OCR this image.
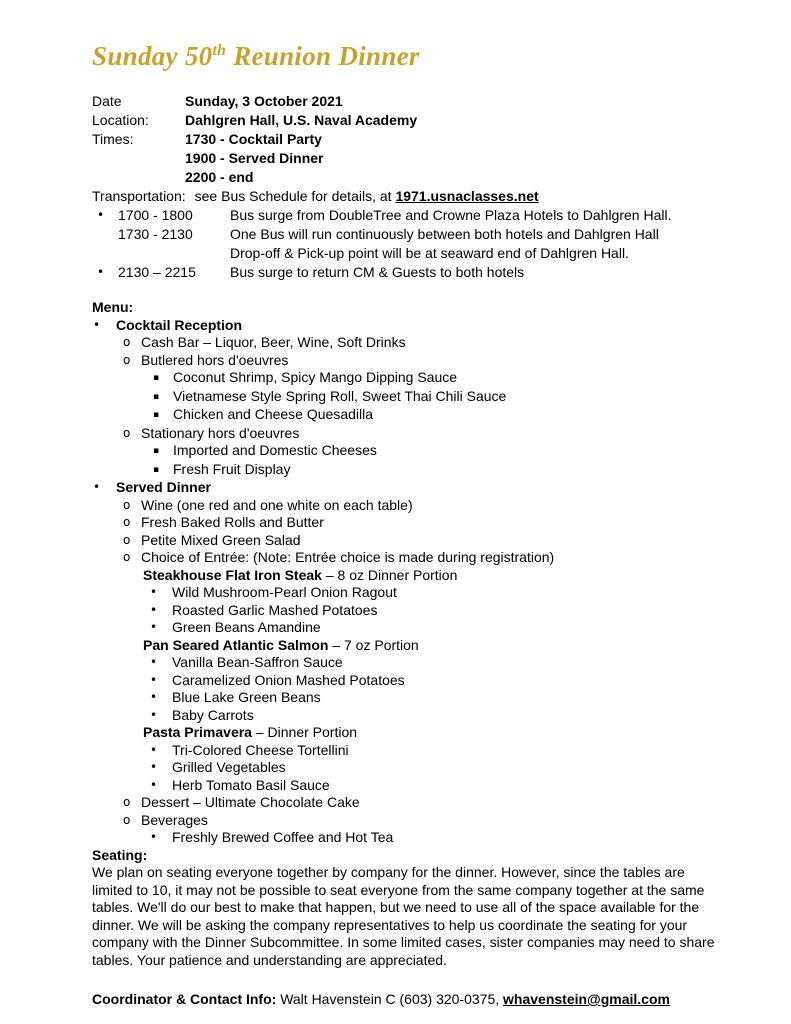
Sunday 50th Reunion Dinner
Date	Sunday, 3 October 2021
Location:	Dahlgren Hall, U.S. Naval Academy
Times:	1730 - Cocktail Party
1900 - Served Dinner
2200 - end
Transportation: see Bus Schedule for details, at 1971.usnaclasses.net
• 1700 - 1800	Bus surge from DoubleTree and Crowne Plaza Hotels to Dahlgren Hall.
1730 - 2130	One Bus will run continuously between both hotels and Dahlgren Hall
Drop-off & Pick-up point will be at seaward end of Dahlgren Hall.
• 2130 – 2215	Bus surge to return CM & Guests to both hotels
Menu:
•	Cocktail Reception
o Cash Bar – Liquor, Beer, Wine, Soft Drinks
o Butlered hors d'oeuvres
▪ Coconut Shrimp, Spicy Mango Dipping Sauce
▪ Vietnamese Style Spring Roll, Sweet Thai Chili Sauce
▪ Chicken and Cheese Quesadilla
o Stationary hors d'oeuvres
▪ Imported and Domestic Cheeses
▪ Fresh Fruit Display
•	Served Dinner
o Wine (one red and one white on each table)
o Fresh Baked Rolls and Butter
o Petite Mixed Green Salad
o Choice of Entrée: (Note: Entrée choice is made during registration)
Steakhouse Flat Iron Steak – 8 oz Dinner Portion
•	Wild Mushroom-Pearl Onion Ragout
•	Roasted Garlic Mashed Potatoes
•	Green Beans Amandine
Pan Seared Atlantic Salmon – 7 oz Portion
•	Vanilla Bean-Saffron Sauce
•	Caramelized Onion Mashed Potatoes
•	Blue Lake Green Beans
•	Baby Carrots
Pasta Primavera – Dinner Portion
•	Tri-Colored Cheese Tortellini
•	Grilled Vegetables
•	Herb Tomato Basil Sauce
o Dessert – Ultimate Chocolate Cake
o Beverages
•	Freshly Brewed Coffee and Hot Tea
Seating:

We plan on seating everyone together by company for the dinner. However, since the tables are limited to 10, it may not be possible to seat everyone from the same company together at the same tables. We'll do our best to make that happen, but we need to use all of the space available for the dinner. We will be asking the company representatives to help us coordinate the seating for your company with the Dinner Subcommittee. In some limited cases, sister companies may need to share tables. Your patience and understanding are appreciated.

Coordinator & Contact Info: Walt Havenstein C (603) 320-0375, whavenstein@gmail.com
